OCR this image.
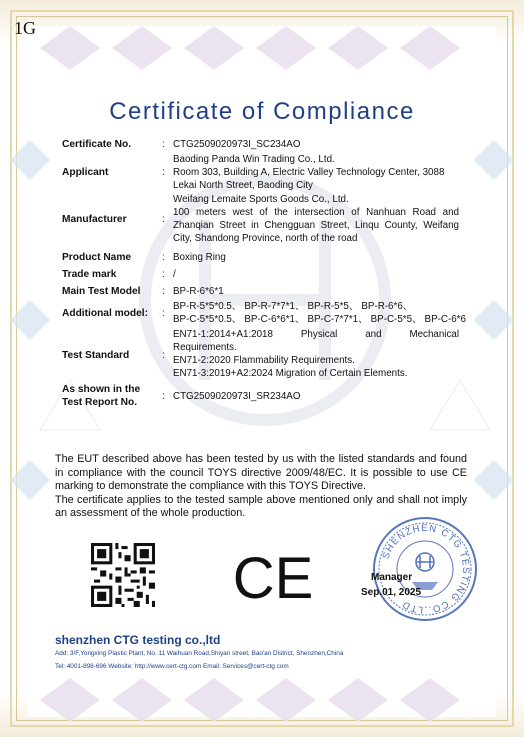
1G
Certificate of Compliance
Certificate No.	: CTG2509020973I_SC234AO
Applicant	:
Baoding Panda Win Trading Co., Ltd.
Room 303, Building A, Electric Valley Technology Center, 3088
Lekai North Street, Baoding City
Manufacturer	:
Weifang Lemaite Sports Goods Co., Ltd.
100 meters west of the intersection of Nanhuan Road and
Zhanqian Street in Chengguan Street, Linqu County, Weifang
City, Shandong Province, north of the road
Product Name	: Boxing Ring
Trade mark	: /
Main Test Model : BP-R-6*6*1
Additional model: :
BP-R-5*5*0.5、 BP-R-7*7*1、 BP-R-5*5、 BP-R-6*6、
BP-C-5*5*0.5、 BP-C-6*6*1、 BP-C-7*7*1、 BP-C-5*5、 BP-C-6*6
Test Standard	:
EN71-1:2014+A1:2018 Physical and Mechanical
Requirements.
EN71-2:2020 Flammability Requirements.
EN71-3:2019+A2:2024 Migration of Certain Elements.
As shown in the
Test Report No.
: CTG2509020973I_SR234AO

The EUT described above has been tested by us with the listed standards and found in compliance with the council TOYS directive 2009/48/EC. It is possible to use CE marking to demonstrate the compliance with this TOYS Directive.

The certificate applies to the tested sample above mentioned only and shall not imply an assessment of the whole production.

CE	SHENZHEN CTG TESTING CO.,LTD
Manager
Sep.01, 2025
shenzhen CTG testing co.,ltd
Add: 3/F,Yongxing Plastic Plant, No. 11 Waihuan Road,Shiyan street, Bao'an District, Shenzhen,China
Tel: 4001-898-696 Website: http://www.cert-ctg.com Email: Services@cert-ctg.com
